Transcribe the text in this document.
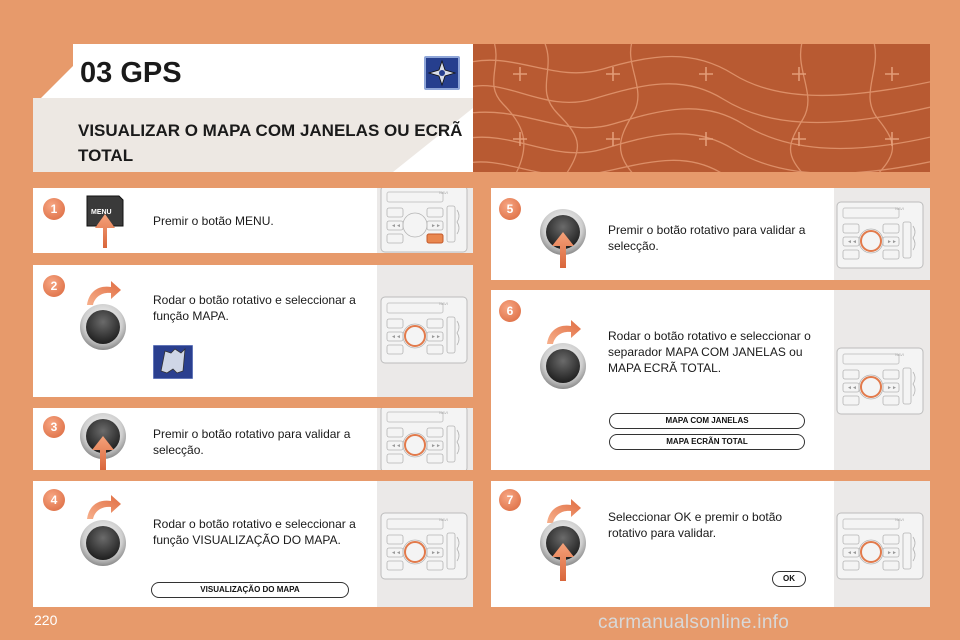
03 GPS
VISUALIZAR O MAPA COM JANELAS OU ECRÃ TOTAL
1	MENU
Premir o botão MENU.
2
Rodar o botão rotativo e seleccionar a função MAPA.
3	Premir o botão rotativo para validar a selecção.
4
Rodar o botão rotativo e seleccionar a função VISUALIZAÇÃO DO MAPA.
VISUALIZAÇÃO DO MAPA
5
Premir o botão rotativo para validar a selecção.
6
Rodar o botão rotativo e seleccionar o separador MAPA COM JANELAS ou MAPA ECRÃ TOTAL.
MAPA COM JANELAS
MAPA ECRÃN TOTAL
7
Seleccionar OK e premir o botão rotativo para validar.
OK
220	carmanualsonline.info
